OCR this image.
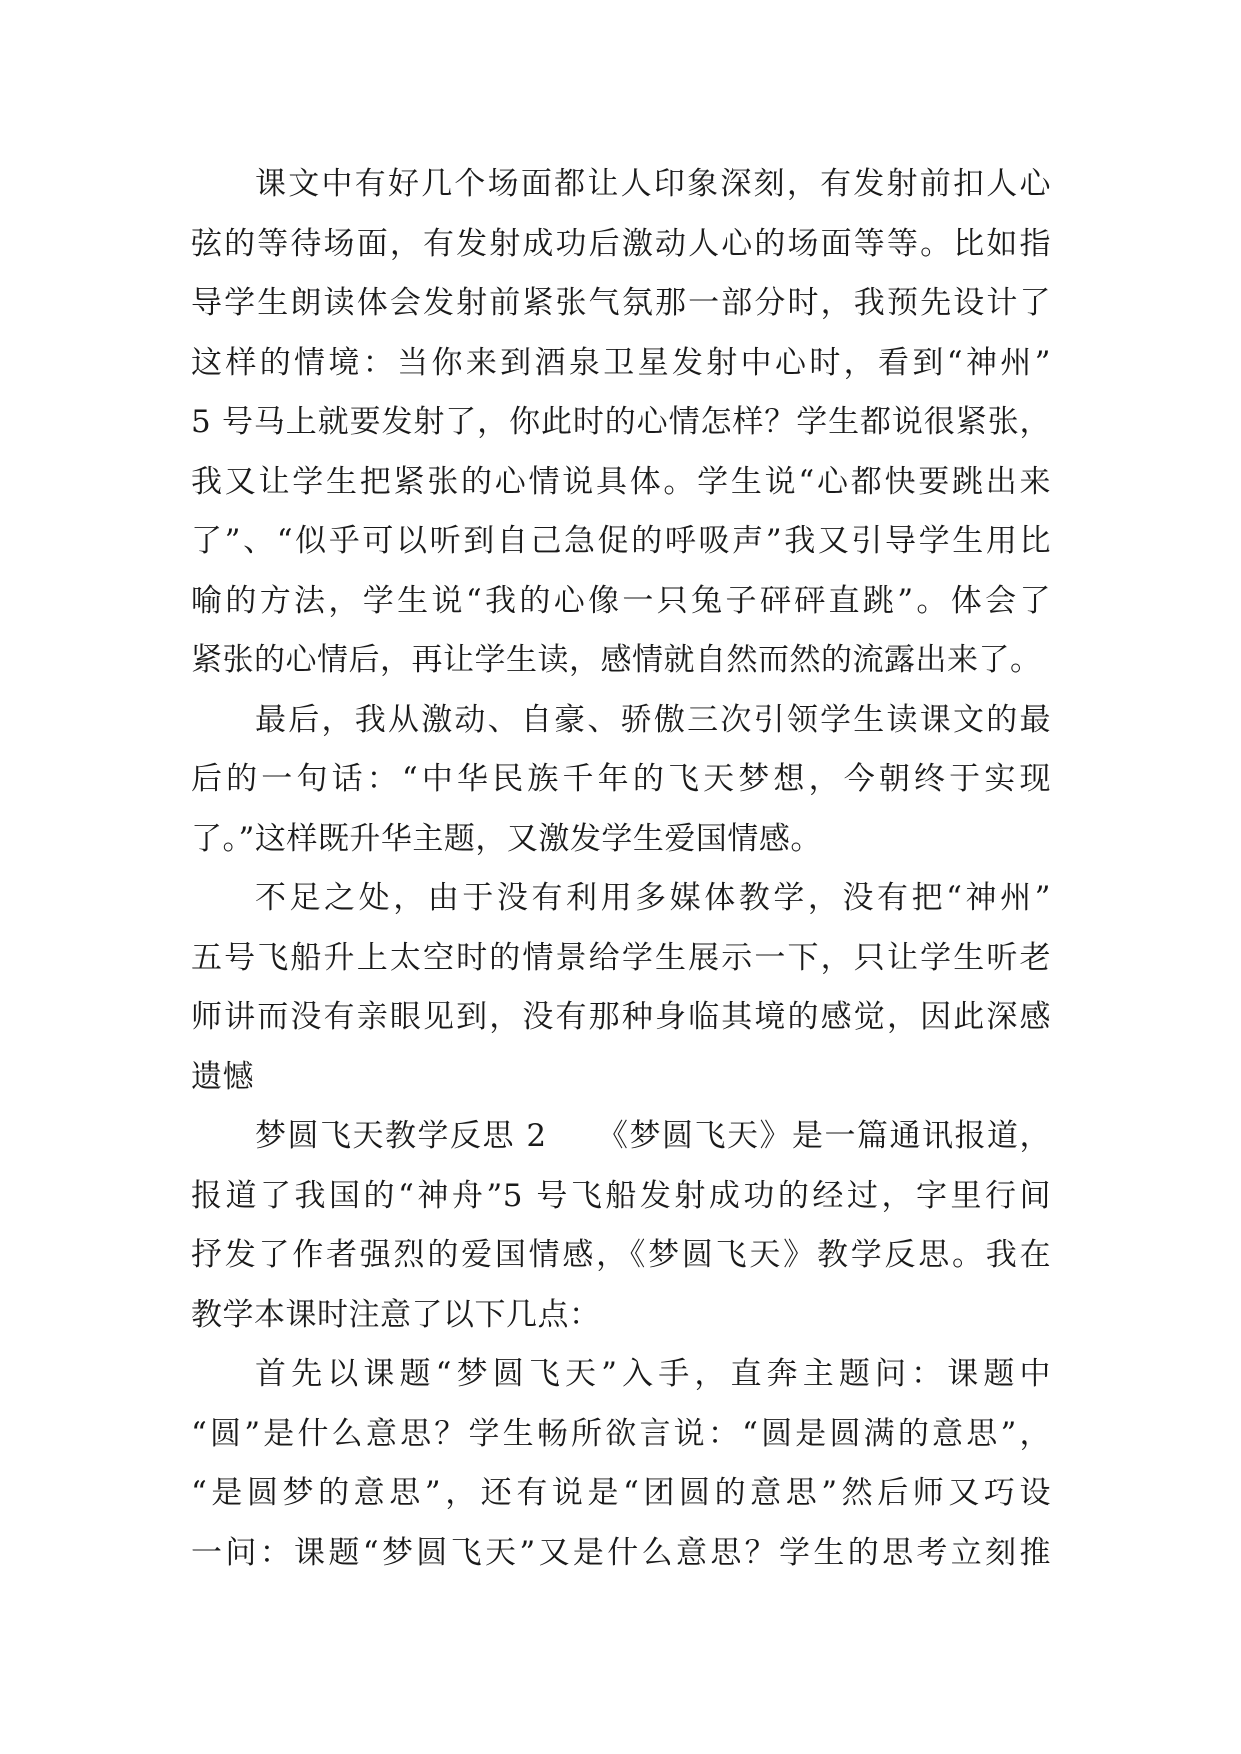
课文中有好几个场面都让人印象深刻，有发射前扣人心
弦的等待场面，有发射成功后激动人心的场面等等。比如指
导学生朗读体会发射前紧张气氛那一部分时，我预先设计了
这样的情境：当你来到酒泉卫星发射中心时，看到“神州”
5 号马上就要发射了，你此时的心情怎样？学生都说很紧张，
我又让学生把紧张的心情说具体。学生说“心都快要跳出来
了”、“似乎可以听到自己急促的呼吸声”我又引导学生用比
喻的方法，学生说“我的心像一只兔子砰砰直跳”。体会了
紧张的心情后，再让学生读，感情就自然而然的流露出来了。
最后，我从激动、自豪、骄傲三次引领学生读课文的最
后的一句话：“中华民族千年的飞天梦想，今朝终于实现
了。”这样既升华主题，又激发学生爱国情感。
不足之处，由于没有利用多媒体教学，没有把“神州”
五号飞船升上太空时的情景给学生展示一下，只让学生听老
师讲而没有亲眼见到，没有那种身临其境的感觉，因此深感
遗憾
梦圆飞天教学反思 2　　《梦圆飞天》是一篇通讯报道，
报道了我国的“神舟”5 号飞船发射成功的经过，字里行间
抒发了作者强烈的爱国情感，《梦圆飞天》教学反思。我在
教学本课时注意了以下几点：
首先以课题“梦圆飞天”入手，直奔主题问：课题中
“圆”是什么意思？学生畅所欲言说：“圆是圆满的意思”，
“是圆梦的意思”，还有说是“团圆的意思”然后师又巧设
一问：课题“梦圆飞天”又是什么意思？学生的思考立刻推
